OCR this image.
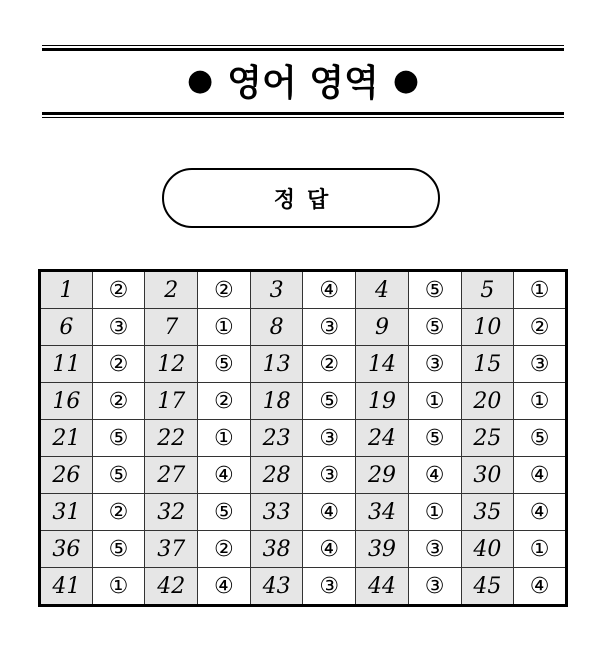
● 영어 영역 ●
정답
1	②	2	②	3	④	4	⑤	5	①
6	③	7	①	8	③	9	⑤	10	②
11	②	12	⑤	13	②	14	③	15	③
16	②	17	②	18	⑤	19	①	20	①
21	⑤	22	①	23	③	24	⑤	25	⑤
26	⑤	27	④	28	③	29	④	30	④
31	②	32	⑤	33	④	34	①	35	④
36	⑤	37	②	38	④	39	③	40	①
41	①	42	④	43	③	44	③	45	④
